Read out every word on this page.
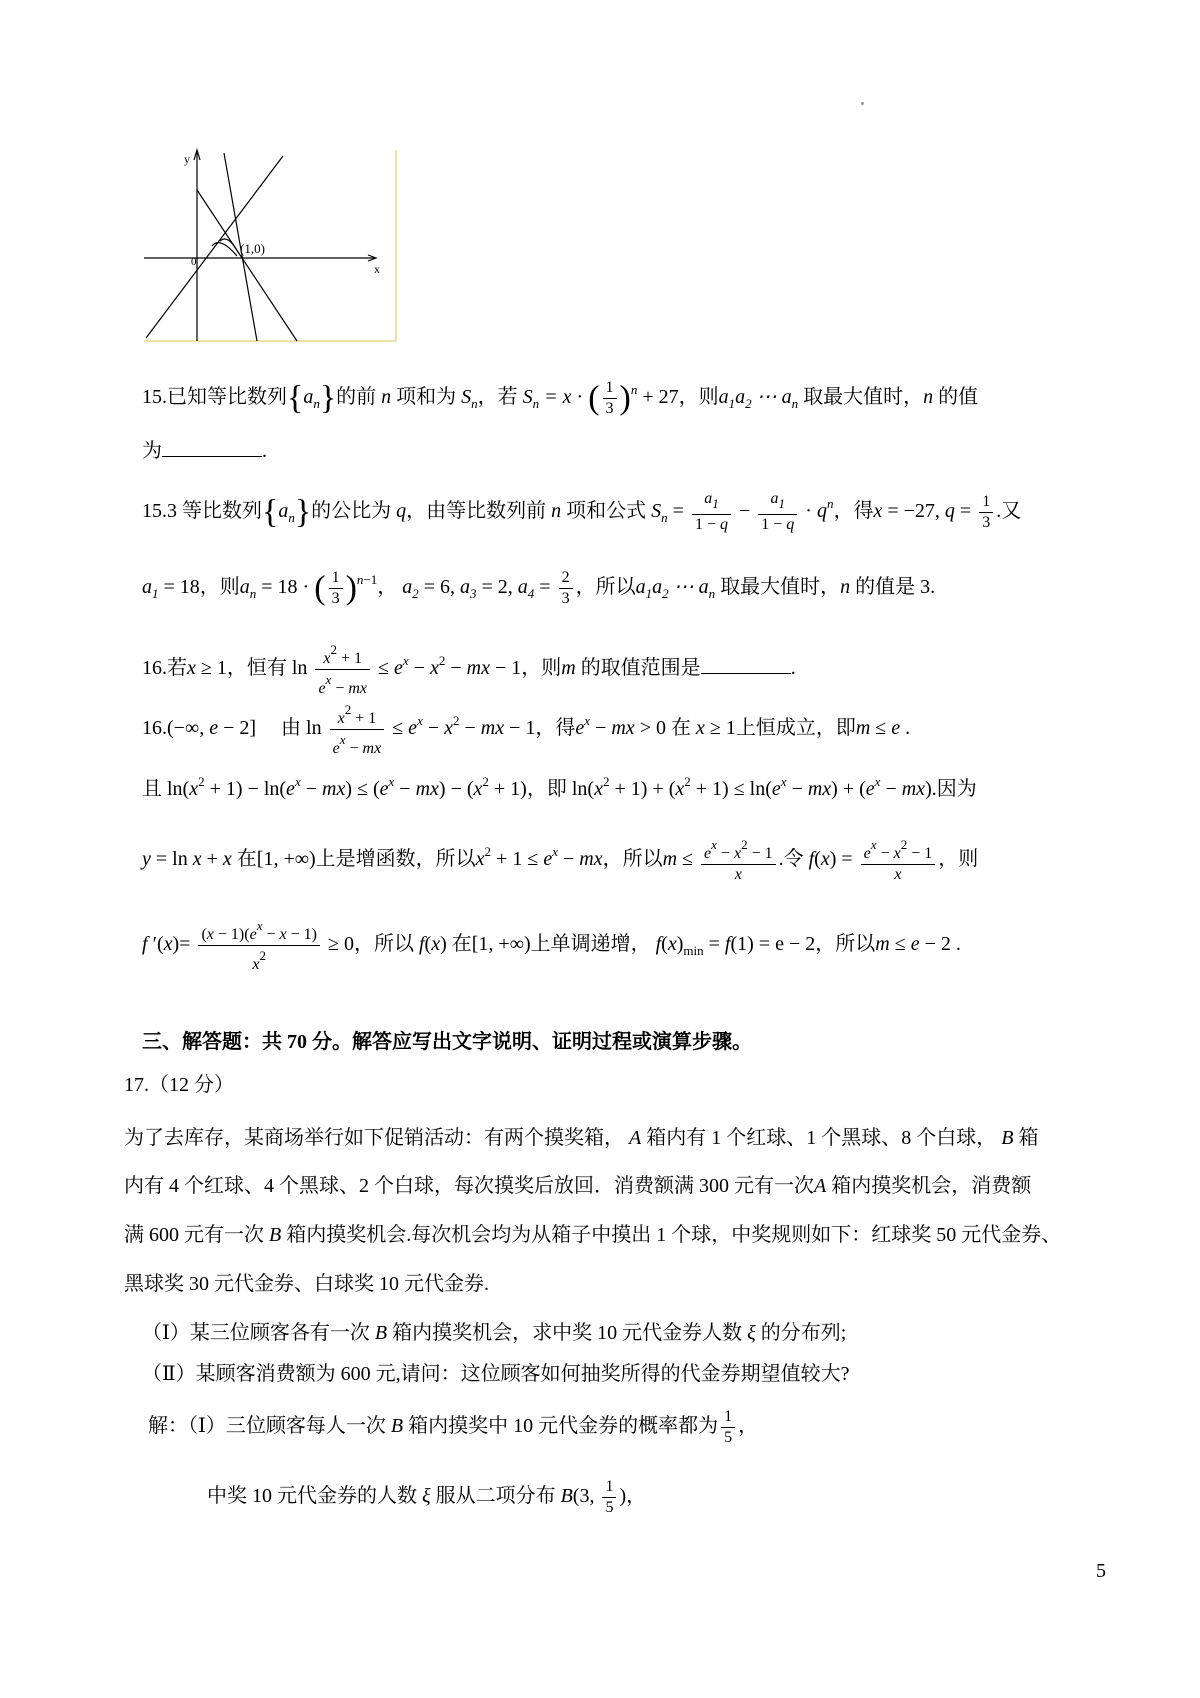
y
x
0
(1,0)
15.已知等比数列$\{a_n\}$的前 n 项和为 $S_n$，若 $S_n = x$ · ( $\frac{1}{3} )^n + 27$，则$a_1a_2$ ⋯ $a_n$ 取最大值时，n 的值
为	.
15.3 等比数列$\{a_n\}$的公比为 q，由等比数列前 n 项和公式 $S_n = \frac{a_1}{1 - q} - \frac{a_1}{1 - q} \cdot q^n$，得x = −27, $q = \frac{1}{3}$ .又
$a_1 = 18$，则$a_n = 18$ · ( $\frac{1}{3} )^{n-1}$， $a_2 = 6$, $a_3 = 2$, $a_4 = \frac{2}{3}$ ，所以$a_1a_2$ ⋯ $a_n$ 取最大值时，n 的值是 3.
16.若x ≥ 1，恒有 $\ln \frac{x^2 + 1}{e^x - mx} \le e^x - x^2$ − mx − 1，则m 的取值范围是	.
16.(−∞, e − 2]     由 $\ln \frac{x^2 + 1}{e^x - mx} \le e^x - x^2$ − mx − 1，得$e^x$ − mx > 0 在 x ≥ 1上恒成立，即m ≤ e .
且 $\ln(x^2 + 1) - \ln(e^x - mx) \le (e^x - mx) - (x^2 + 1)$，即 $\ln(x^2 + 1) + (x^2 + 1) \le \ln(e^x - mx) + (e^x - mx)$.因为
y = ln x + x 在[1, +∞)上是增函数，所以$x^2 + 1 \le e^x$ − mx，所以$m \le \frac{e^x - x^2 - 1}{x}$ .令 $f(x) = \frac{e^x - x^2 - 1}{x}$ ，则
f $'(x)= \frac{(x - 1)(e^x - x - 1)}{x^2} \ge 0$，所以 f(x) 在[1, +∞)上单调递增， $f(x)_{min} = f(1) = e - 2$，所以m ≤ e − 2 .
三、解答题：共 70 分。解答应写出文字说明、证明过程或演算步骤。
17.（12 分）
为了去库存，某商场举行如下促销活动：有两个摸奖箱， A 箱内有 1 个红球、1 个黑球、8 个白球， B 箱
内有 4 个红球、4 个黑球、2 个白球，每次摸奖后放回．消费额满 300 元有一次A 箱内摸奖机会，消费额
满 600 元有一次 B 箱内摸奖机会.每次机会均为从箱子中摸出 1 个球，中奖规则如下：红球奖 50 元代金券、
黑球奖 30 元代金券、白球奖 10 元代金券.
（Ⅰ）某三位顾客各有一次 B 箱内摸奖机会，求中奖 10 元代金券人数 ξ 的分布列;
（Ⅱ）某顾客消费额为 600 元,请问：这位顾客如何抽奖所得的代金券期望值较大?
解：（Ⅰ）三位顾客每人一次 B 箱内摸奖中 10 元代金券的概率都为 $\frac{1}{5}$ ，
中奖 10 元代金券的人数 ξ 服从二项分布 B(3, $\frac{1}{5}$ )，
5
